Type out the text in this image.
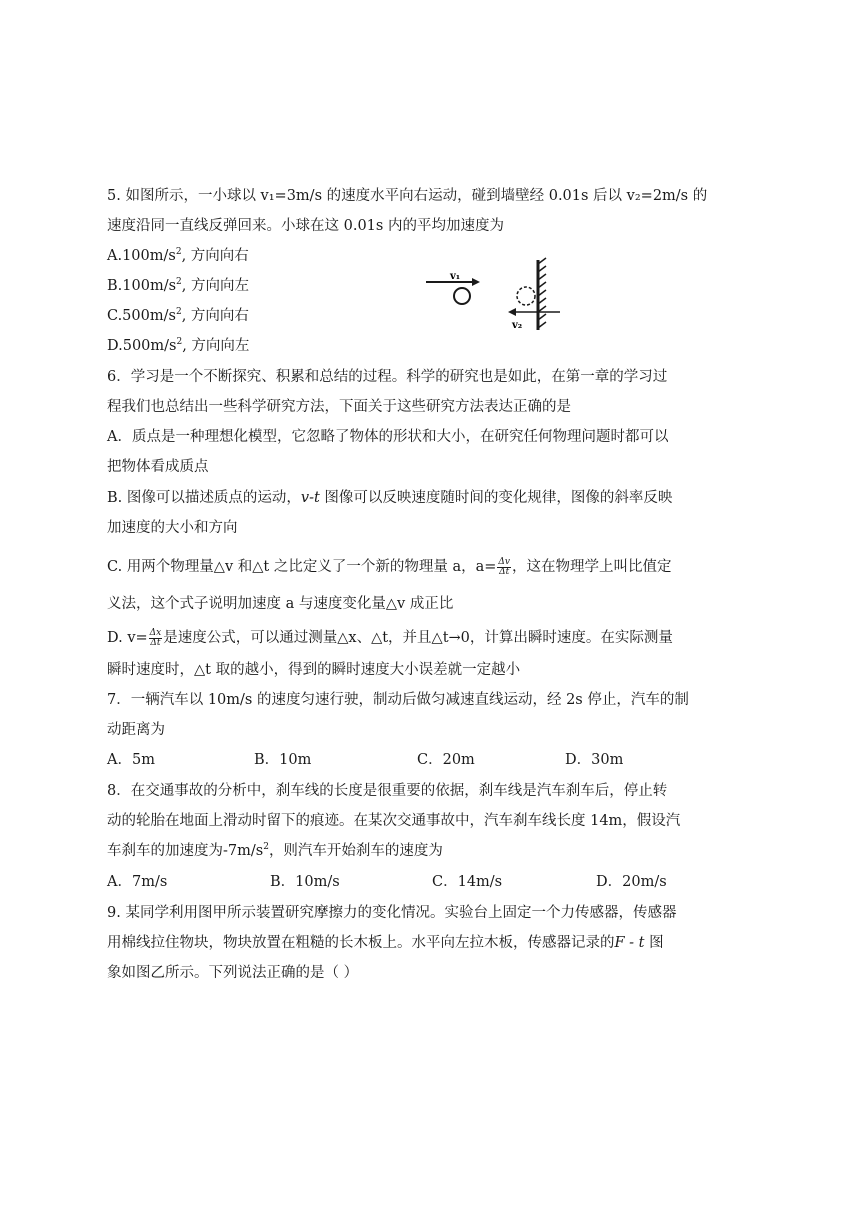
5. 如图所示，一小球以 v₁=3m/s 的速度水平向右运动，碰到墙壁经 0.01s 后以 v₂=2m/s 的
速度沿同一直线反弹回来。小球在这 0.01s 内的平均加速度为
$A.100m/s^2$, 方向向右
$B.100m/s^2$, 方向向左
$C.500m/s^2$, 方向向右
$D.500m/s^2$, 方向向左
v₁
v₂
6．学习是一个不断探究、积累和总结的过程。科学的研究也是如此，在第一章的学习过
程我们也总结出一些科学研究方法，下面关于这些研究方法表达正确的是
A．质点是一种理想化模型，它忽略了物体的形状和大小，在研究任何物理问题时都可以
把物体看成质点
B. 图像可以描述质点的运动，v-t 图像可以反映速度随时间的变化规律，图像的斜率反映
加速度的大小和方向
C. 用两个物理量△v 和△t 之比定义了一个新的物理量 a，$a= \frac{\Delta v}{\Delta t}$ ，这在物理学上叫比值定
义法，这个式子说明加速度 a 与速度变化量△v 成正比
D. $v= \frac{\Delta x}{\Delta t}$ 是速度公式，可以通过测量△x、△t，并且△t→0，计算出瞬时速度。在实际测量
瞬时速度时，△t 取的越小，得到的瞬时速度大小误差就一定越小
7．一辆汽车以 10m/s 的速度匀速行驶，制动后做匀减速直线运动，经 2s 停止，汽车的制
动距离为
A．5m	B．10m	C．20m	D．30m
8．在交通事故的分析中，刹车线的长度是很重要的依据，刹车线是汽车刹车后，停止转
动的轮胎在地面上滑动时留下的痕迹。在某次交通事故中，汽车刹车线长度 14m，假设汽
车刹车的加速度为$-7m/s^2$，则汽车开始刹车的速度为
A．7m/s	B．10m/s	C．14m/s	D．20m/s
9. 某同学利用图甲所示装置研究摩擦力的变化情况。实验台上固定一个力传感器，传感器
用棉线拉住物块，物块放置在粗糙的长木板上。水平向左拉木板，传感器记录的F - t 图
象如图乙所示。下列说法正确的是（ ）
